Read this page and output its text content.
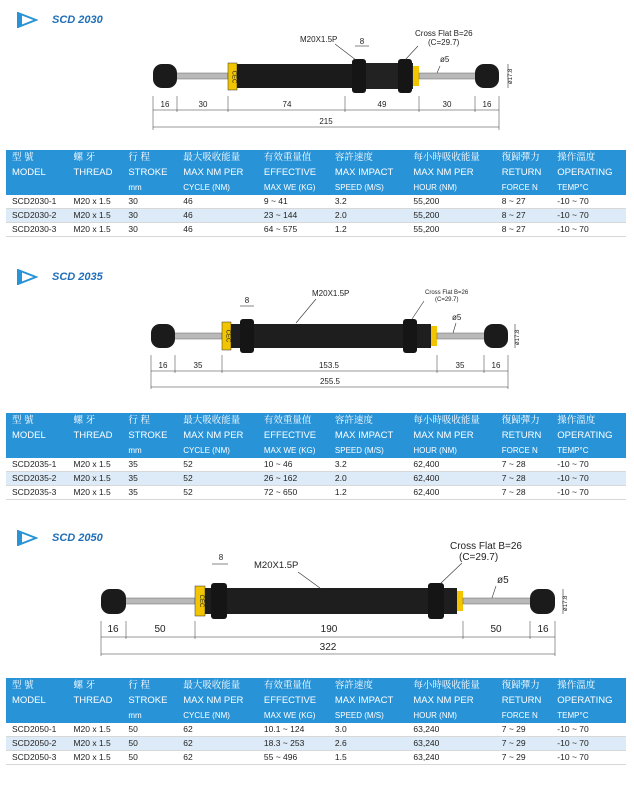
SCD 2030
CEC
M20X1.5P	8
Cross Flat B=26
(C=29.7)
ø5
ø17.8
16	30	74	49	30	16
215
型 號	螺 牙	行 程	最大吸收能量	有效重量值	容許速度	每小時吸收能量	復歸彈力	操作溫度
MODEL	THREAD	STROKE	MAX NM PER	EFFECTIVE	MAX IMPACT	MAX NM PER	RETURN	OPERATING
		mm	CYCLE (NM)	MAX WE (KG)	SPEED (M/S)	HOUR (NM)	FORCE N	TEMP°C
SCD2030-1	M20 x 1.5	30	46	9 ~ 41	3.2	55,200	8 ~ 27	-10 ~ 70
SCD2030-2	M20 x 1.5	30	46	23 ~ 144	2.0	55,200	8 ~ 27	-10 ~ 70
SCD2030-3	M20 x 1.5	30	46	64 ~ 575	1.2	55,200	8 ~ 27	-10 ~ 70
SCD 2035
CEC
8
M20X1.5P	Cross Flat B=26
(C=29.7)
ø5
ø17.8
16	35	153.5	35	16
255.5
型 號	螺 牙	行 程	最大吸收能量	有效重量值	容許速度	每小時吸收能量	復歸彈力	操作溫度
MODEL	THREAD	STROKE	MAX NM PER	EFFECTIVE	MAX IMPACT	MAX NM PER	RETURN	OPERATING
		mm	CYCLE (NM)	MAX WE (KG)	SPEED (M/S)	HOUR (NM)	FORCE N	TEMP°C
SCD2035-1	M20 x 1.5	35	52	10 ~ 46	3.2	62,400	7 ~ 28	-10 ~ 70
SCD2035-2	M20 x 1.5	35	52	26 ~ 162	2.0	62,400	7 ~ 28	-10 ~ 70
SCD2035-3	M20 x 1.5	35	52	72 ~ 650	1.2	62,400	7 ~ 28	-10 ~ 70
SCD 2050
CEC
8
M20X1.5P
Cross Flat B=26
(C=29.7)
ø5
ø17.8
16	50	190	50	16
322
型 號	螺 牙	行 程	最大吸收能量	有效重量值	容許速度	每小時吸收能量	復歸彈力	操作溫度
MODEL	THREAD	STROKE	MAX NM PER	EFFECTIVE	MAX IMPACT	MAX NM PER	RETURN	OPERATING
		mm	CYCLE (NM)	MAX WE (KG)	SPEED (M/S)	HOUR (NM)	FORCE N	TEMP°C
SCD2050-1	M20 x 1.5	50	62	10.1 ~ 124	3.0	63,240	7 ~ 29	-10 ~ 70
SCD2050-2	M20 x 1.5	50	62	18.3 ~ 253	2.6	63,240	7 ~ 29	-10 ~ 70
SCD2050-3	M20 x 1.5	50	62	55 ~ 496	1.5	63,240	7 ~ 29	-10 ~ 70
